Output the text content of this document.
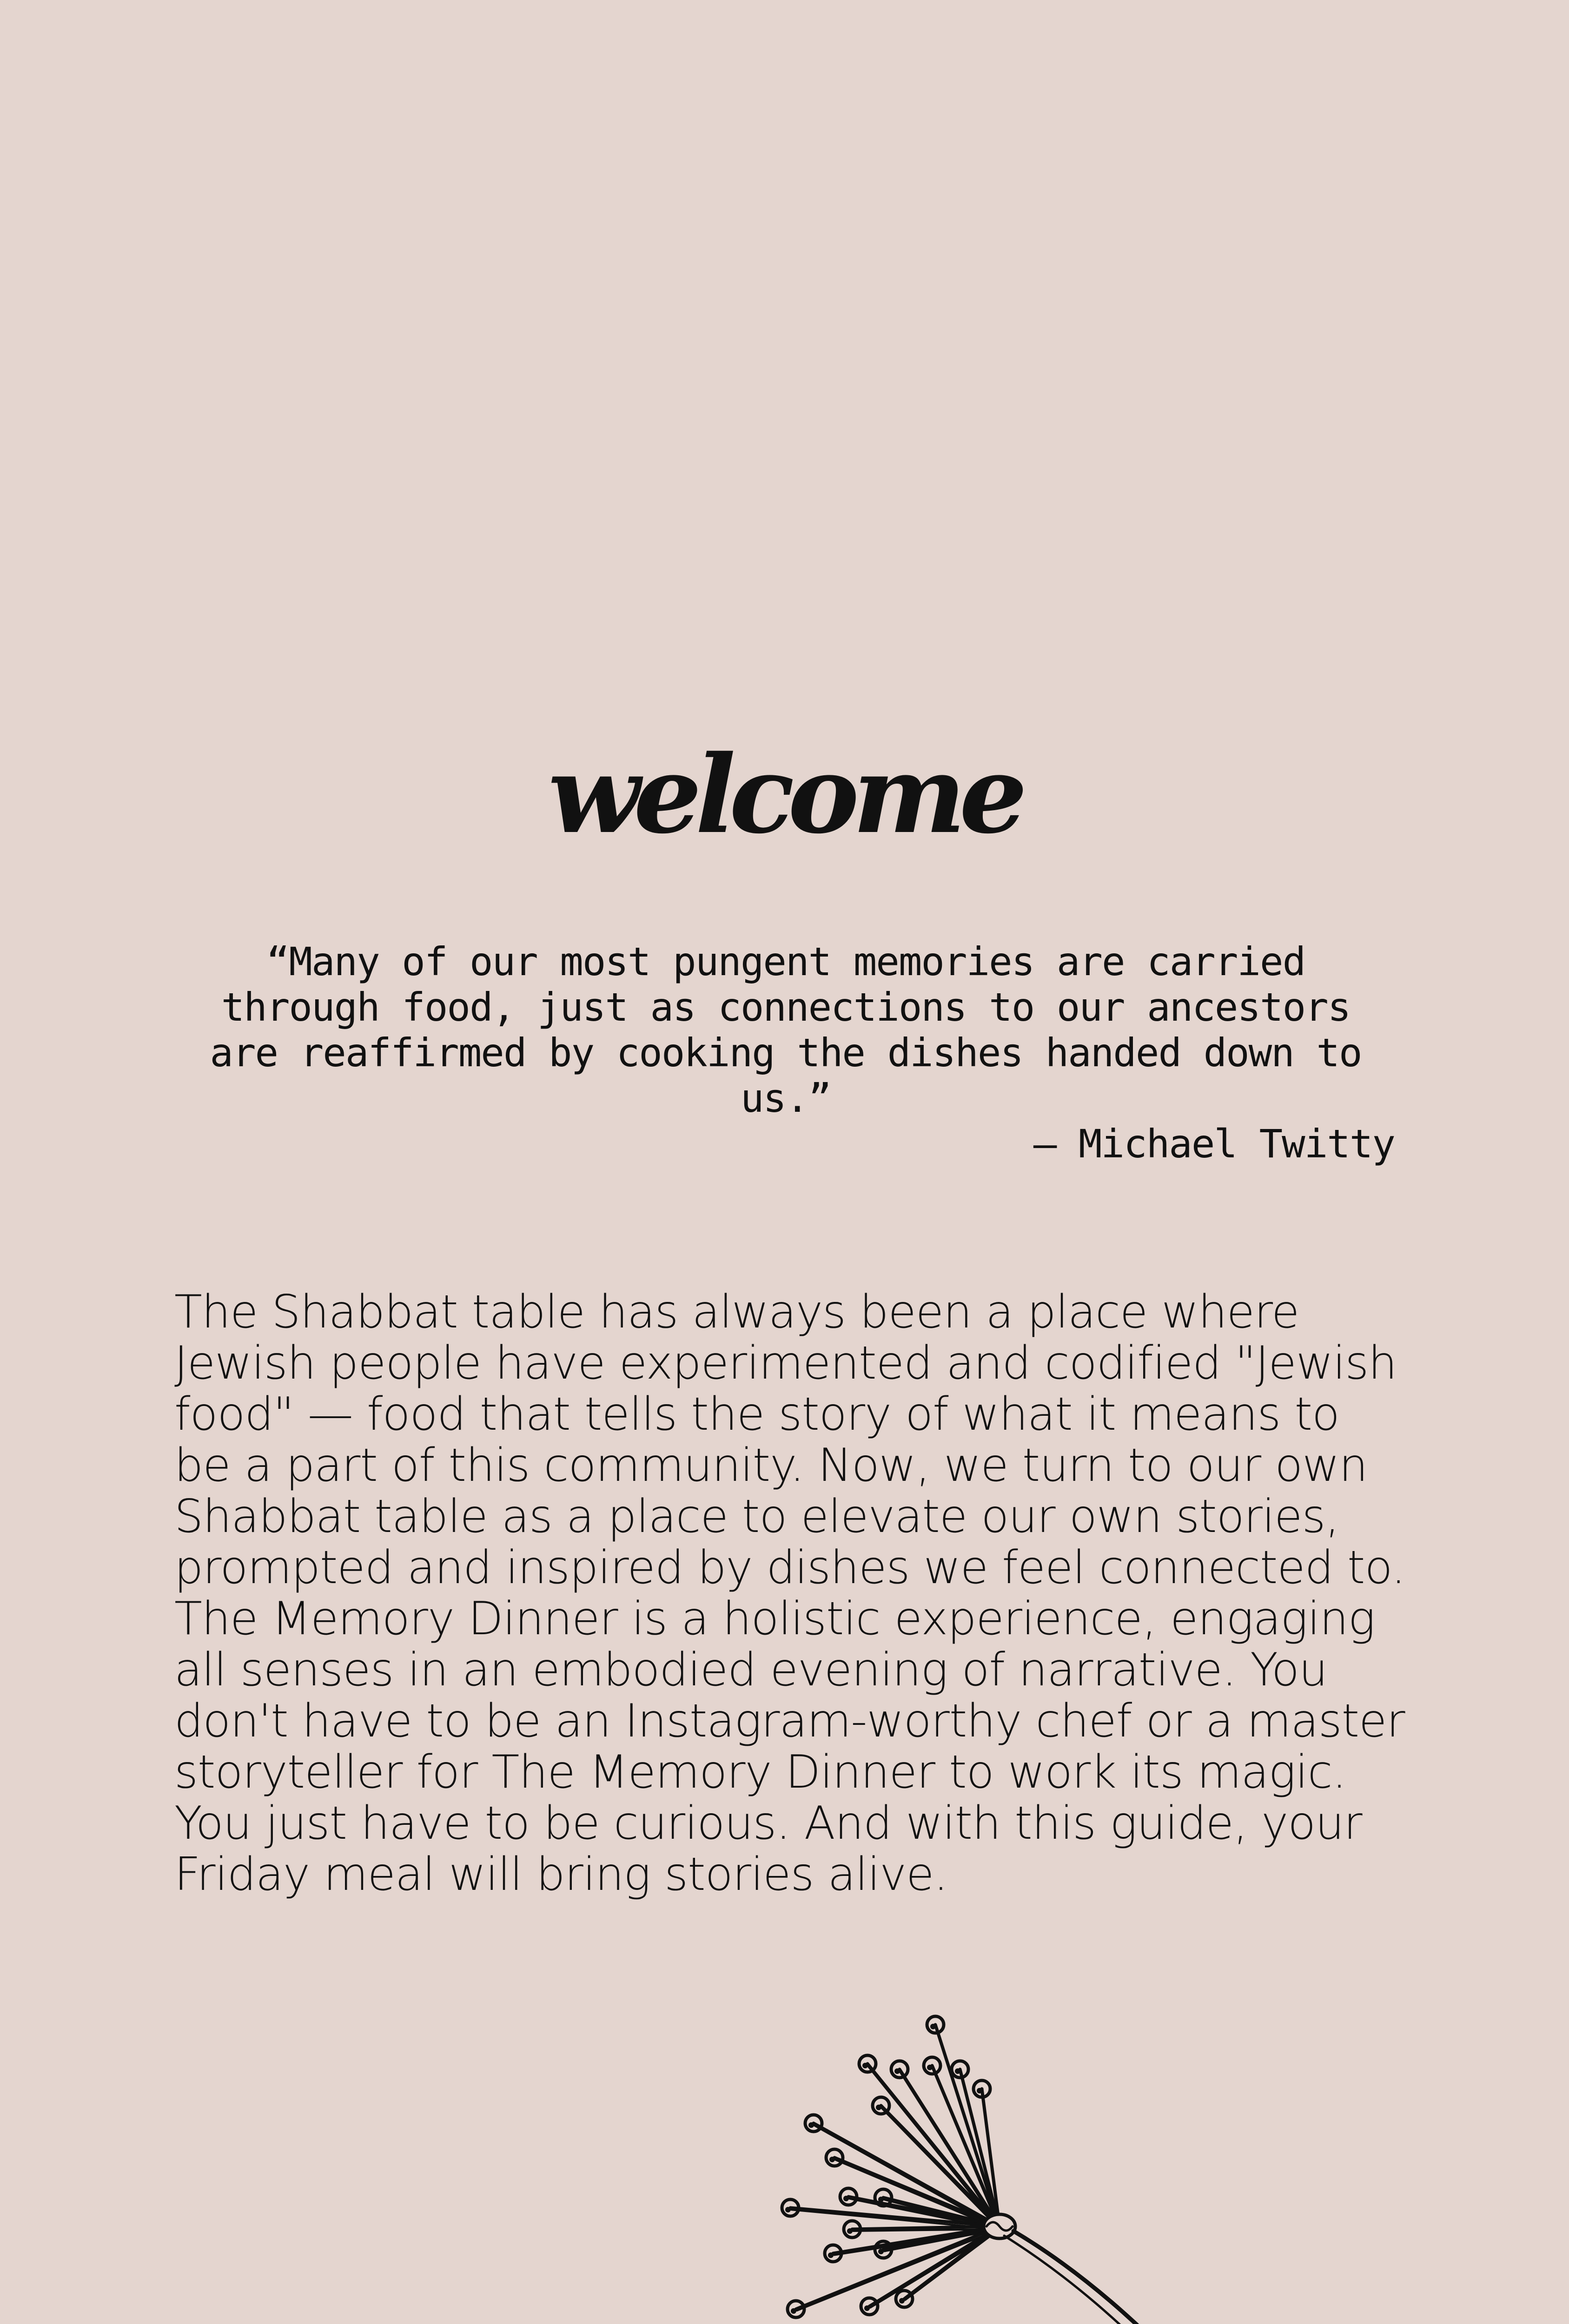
welcome

“Many of our most pungent memories are carried through food, just as connections to our ancestors are reaffirmed by cooking the dishes handed down to us.”
— Michael Twitty

The Shabbat table has always been a place where Jewish people have experimented and codified "Jewish food" — food that tells the story of what it means to be a part of this community. Now, we turn to our own Shabbat table as a place to elevate our own stories, prompted and inspired by dishes we feel connected to. The Memory Dinner is a holistic experience, engaging all senses in an embodied evening of narrative. You don't have to be an Instagram-worthy chef or a master storyteller for The Memory Dinner to work its magic. You just have to be curious. And with this guide, your Friday meal will bring stories alive.
